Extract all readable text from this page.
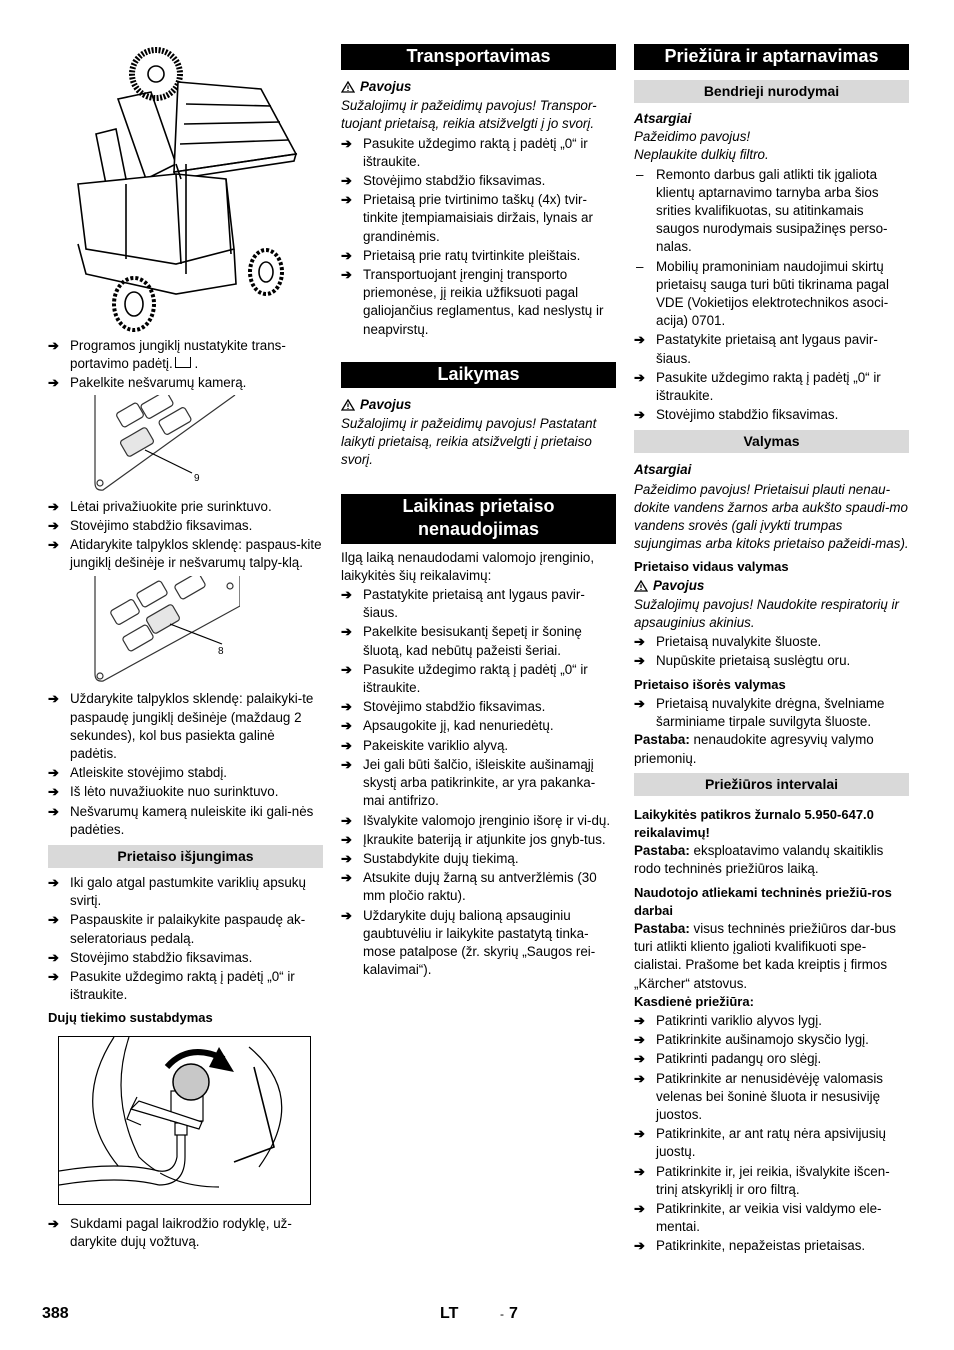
➔ Programos jungiklį nustatykite trans-portavimo padėtį. .
➔ Pakelkite nešvarumų kamerą.
9
➔ Lėtai privažiuokite prie surinktuvo.
➔ Stovėjimo stabdžio fiksavimas.
➔ Atidarykite talpyklos sklendę: paspaus-kite jungiklį dešinėje ir nešvarumų talpy-klą.
8
➔ Uždarykite talpyklos sklendę: palaikyki-te paspaudę jungiklį dešinėje (maždaug 2 sekundes), kol bus pasiekta galinė padėtis.
➔ Atleiskite stovėjimo stabdį.
➔ Iš lėto nuvažiuokite nuo surinktuvo.
➔ Nešvarumų kamerą nuleiskite iki gali-nės padėties.
Prietaiso išjungimas
➔ Iki galo atgal pastumkite variklių apsukų svirtį.
➔ Paspauskite ir palaikykite paspaudę ak-seleratoriaus pedalą.
➔ Stovėjimo stabdžio fiksavimas.
➔ Pasukite uždegimo raktą į padėtį „0“ ir ištraukite.
Dujų tiekimo sustabdymas
➔ Sukdami pagal laikrodžio rodyklę, už-darykite dujų vožtuvą.
Transportavimas
Pavojus
Sužalojimų ir pažeidimų pavojus! Transpor-tuojant prietaisą, reikia atsižvelgti į jo svorį.
➔ Pasukite uždegimo raktą į padėtį „0“ ir ištraukite.
➔ Stovėjimo stabdžio fiksavimas.
➔ Prietaisą prie tvirtinimo taškų (4x) tvir-tinkite įtempiamaisiais diržais, lynais ar grandinėmis.
➔ Prietaisą prie ratų tvirtinkite pleištais.
➔ Transportuojant įrenginį transporto priemonėse, jį reikia užfiksuoti pagal galiojančius reglamentus, kad neslystų ir neapvirstų.
Laikymas
Pavojus
Sužalojimų ir pažeidimų pavojus! Pastatant laikyti prietaisą, reikia atsižvelgti į prietaiso svorį.
Laikinas prietaiso nenaudojimas
Ilgą laiką nenaudodami valomojo įrenginio, laikykitės šių reikalavimų:
➔ Pastatykite prietaisą ant lygaus pavir-šiaus.
➔ Pakelkite besisukantį šepetį ir šoninę šluotą, kad nebūtų pažeisti šeriai.
➔ Pasukite uždegimo raktą į padėtį „0“ ir ištraukite.
➔ Stovėjimo stabdžio fiksavimas.
➔ Apsaugokite jį, kad nenuriedėtų.
➔ Pakeiskite variklio alyvą.
➔ Jei gali būti šalčio, išleiskite aušinamąjį skystį arba patikrinkite, ar yra pakanka-mai antifrizo.
➔ Išvalykite valomojo įrenginio išorę ir vi-dų.
➔ Įkraukite bateriją ir atjunkite jos gnyb-tus.
➔ Sustabdykite dujų tiekimą.
➔ Atsukite dujų žarną su antveržlėmis (30 mm pločio raktu).
➔ Uždarykite dujų balioną apsauginiu gaubtuvėliu ir laikykite pastatytą tinka-mose patalpose (žr. skyrių „Saugos rei-kalavimai“).
Priežiūra ir aptarnavimas
Bendrieji nurodymai
Atsargiai
Pažeidimo pavojus!
Neplaukite dulkių filtro.
– Remonto darbus gali atlikti tik įgaliota klientų aptarnavimo tarnyba arba šios srities kvalifikuotas, su atitinkamais saugos nurodymais susipažinęs perso-nalas.
– Mobilių pramoniniam naudojimui skirtų prietaisų sauga turi būti tikrinama pagal VDE (Vokietijos elektrotechnikos asoci-acija) 0701.
➔ Pastatykite prietaisą ant lygaus pavir-šiaus.
➔ Pasukite uždegimo raktą į padėtį „0“ ir ištraukite.
➔ Stovėjimo stabdžio fiksavimas.
Valymas
Atsargiai
Pažeidimo pavojus! Prietaisui plauti nenau-dokite vandens žarnos arba aukšto spaudi-mo vandens srovės (gali įvykti trumpas sujungimas arba kitoks prietaiso pažeidi-mas).
Prietaiso vidaus valymas
Pavojus
Sužalojimų pavojus! Naudokite respiratorių ir apsauginius akinius.
➔ Prietaisą nuvalykite šluoste.
➔ Nupūskite prietaisą suslėgtu oru.
Prietaiso išorės valymas
➔ Prietaisą nuvalykite drėgna, švelniame šarminiame tirpale suvilgyta šluoste.
Pastaba: nenaudokite agresyvių valymo priemonių.
Priežiūros intervalai
Laikykitės patikros žurnalo 5.950-647.0 reikalavimų!
Pastaba: eksploatavimo valandų skaitiklis rodo techninės priežiūros laiką.
Naudotojo atliekami techninės priežiū-ros darbai
Pastaba: visus techninės priežiūros dar-bus turi atlikti kliento įgalioti kvalifikuoti spe-cialistai. Prašome bet kada kreiptis į firmos „Kärcher“ atstovus.
Kasdienė priežiūra:
➔ Patikrinti variklio alyvos lygį.
➔ Patikrinkite aušinamojo skysčio lygį.
➔ Patikrinti padangų oro slėgį.
➔ Patikrinkite ar nenusidėvėję valomasis velenas bei šoninė šluota ir nesusiviję juostos.
➔ Patikrinkite, ar ant ratų nėra apsivijusių juostų.
➔ Patikrinkite ir, jei reikia, išvalykite išcen-trinį atskyriklį ir oro filtrą.
➔ Patikrinkite, ar veikia visi valdymo ele-mentai.
➔ Patikrinkite, nepažeistas prietaisas.
388	LT	- 7
